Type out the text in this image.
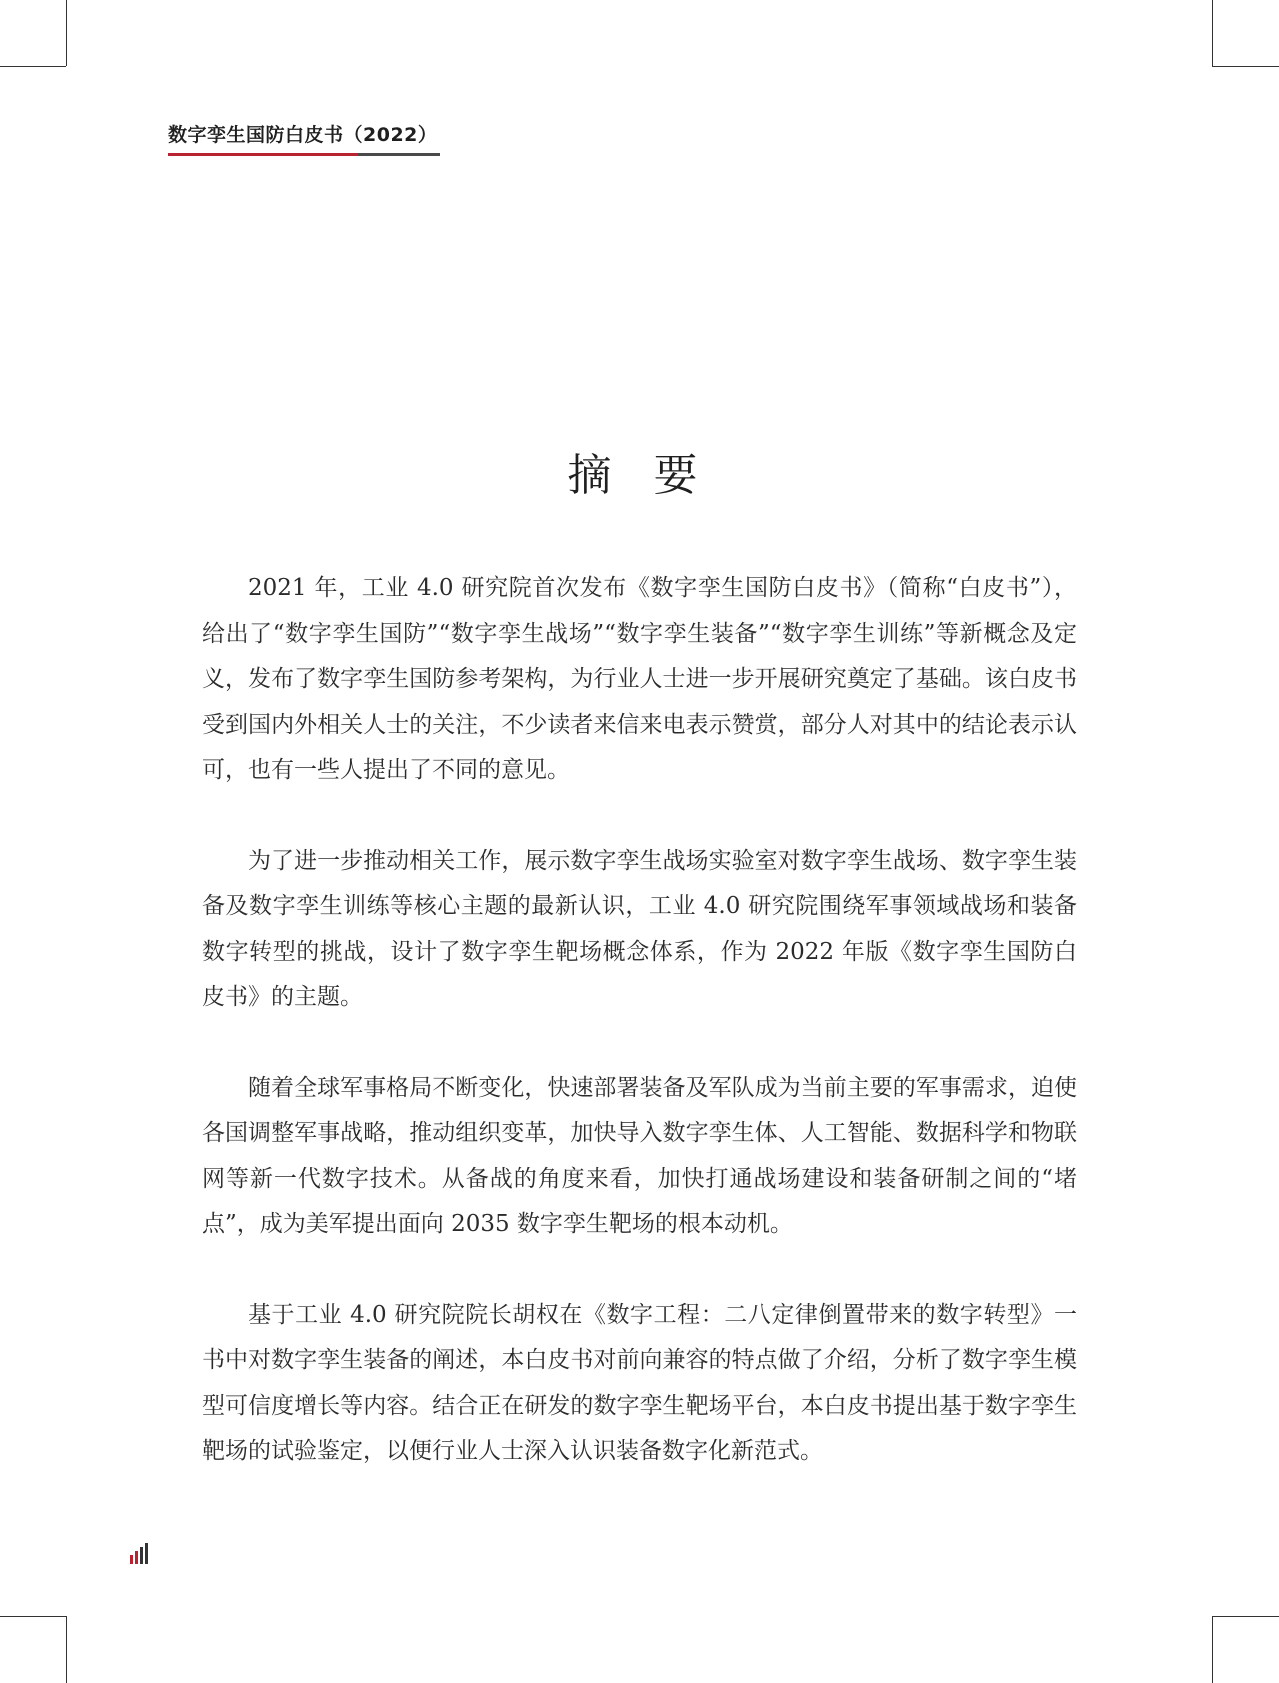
数字孪生国防白皮书（2022）
摘 要

2021 年，工业 4.0 研究院首次发布《数字孪生国防白皮书》（简称“白皮书”），给出了“数字孪生国防”“数字孪生战场”“数字孪生装备”“数字孪生训练”等新概念及定义，发布了数字孪生国防参考架构，为行业人士进一步开展研究奠定了基础。该白皮书受到国内外相关人士的关注，不少读者来信来电表示赞赏，部分人对其中的结论表示认可，也有一些人提出了不同的意见。

为了进一步推动相关工作，展示数字孪生战场实验室对数字孪生战场、数字孪生装备及数字孪生训练等核心主题的最新认识，工业 4.0 研究院围绕军事领域战场和装备数字转型的挑战，设计了数字孪生靶场概念体系，作为 2022 年版《数字孪生国防白皮书》的主题。

随着全球军事格局不断变化，快速部署装备及军队成为当前主要的军事需求，迫使各国调整军事战略，推动组织变革，加快导入数字孪生体、人工智能、数据科学和物联网等新一代数字技术。从备战的角度来看，加快打通战场建设和装备研制之间的“堵点”，成为美军提出面向 2035 数字孪生靶场的根本动机。

基于工业 4.0 研究院院长胡权在《数字工程：二八定律倒置带来的数字转型》一书中对数字孪生装备的阐述，本白皮书对前向兼容的特点做了介绍，分析了数字孪生模型可信度增长等内容。结合正在研发的数字孪生靶场平台，本白皮书提出基于数字孪生靶场的试验鉴定，以便行业人士深入认识装备数字化新范式。
